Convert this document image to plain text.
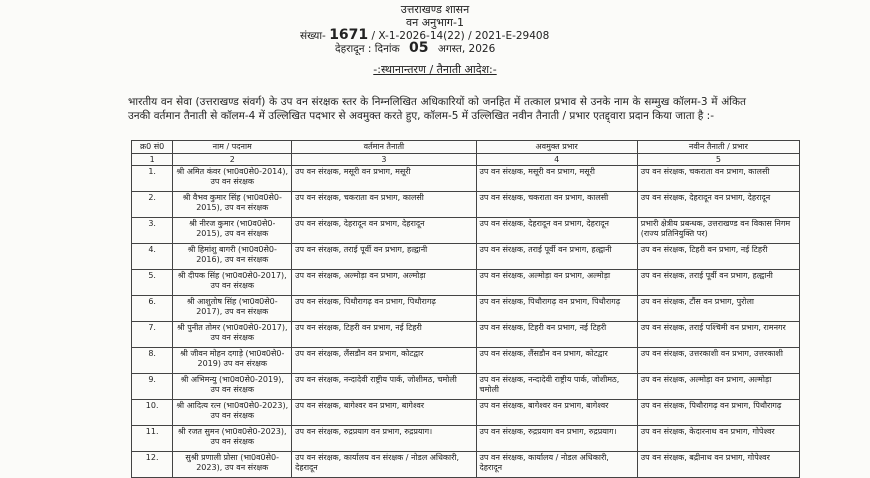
उत्तराखण्ड शासन
वन अनुभाग-1
संख्या- 1671 / X-1-2026-14(22) / 2021-E-29408
देहरादून : दिनांक 05 अगस्त, 2026
-:स्थानान्तरण / तैनाती आदेश:-
भारतीय वन सेवा (उत्तराखण्ड संवर्ग) के उप वन संरक्षक स्तर के निम्नलिखित अधिकारियों को जनहित में तत्काल प्रभाव से उनके नाम के सम्मुख कॉलम-3 में अंकित उनकी वर्तमान तैनाती से कॉलम-4 में उल्लिखित पदभार से अवमुक्त करते हुए, कॉलम-5 में उल्लिखित नवीन तैनाती / प्रभार एतद्द्वारा प्रदान किया जाता है :-
क्र0 सं0	नाम / पदनाम	वर्तमान तैनाती	अवमुक्त प्रभार	नवीन तैनाती / प्रभार
1	2	3	4	5
1.	श्री अमित कंवर (भा0व0से0-2014), उप वन संरक्षक	उप वन संरक्षक, मसूरी वन प्रभाग, मसूरी	उप वन संरक्षक, मसूरी वन प्रभाग, मसूरी	उप वन संरक्षक, चकराता वन प्रभाग, कालसी
2.	श्री वैभव कुमार सिंह (भा0व0से0-2015), उप वन संरक्षक	उप वन संरक्षक, चकराता वन प्रभाग, कालसी	उप वन संरक्षक, चकराता वन प्रभाग, कालसी	उप वन संरक्षक, देहरादून वन प्रभाग, देहरादून
3.	श्री नीरज कुमार (भा0व0से0-2015), उप वन संरक्षक	उप वन संरक्षक, देहरादून वन प्रभाग, देहरादून	उप वन संरक्षक, देहरादून वन प्रभाग, देहरादून	प्रभारी क्षेत्रीय प्रबन्धक, उत्तराखण्ड वन विकास निगम (राज्य प्रतिनियुक्ति पर)
4.	श्री हिमांशु बागरी (भा0व0से0-2016), उप वन संरक्षक	उप वन संरक्षक, तराई पूर्वी वन प्रभाग, हल्द्वानी	उप वन संरक्षक, तराई पूर्वी वन प्रभाग, हल्द्वानी	उप वन संरक्षक, टिहरी वन प्रभाग, नई टिहरी
5.	श्री दीपक सिंह (भा0व0से0-2017), उप वन संरक्षक	उप वन संरक्षक, अल्मोड़ा वन प्रभाग, अल्मोड़ा	उप वन संरक्षक, अल्मोड़ा वन प्रभाग, अल्मोड़ा	उप वन संरक्षक, तराई पूर्वी वन प्रभाग, हल्द्वानी
6.	श्री आशुतोष सिंह (भा0व0से0-2017), उप वन संरक्षक	उप वन संरक्षक, पिथौरागढ़ वन प्रभाग, पिथौरागढ़	उप वन संरक्षक, पिथौरागढ़ वन प्रभाग, पिथौरागढ़	उप वन संरक्षक, टौंस वन प्रभाग, पुरोला
7.	श्री पुनीत तोमर (भा0व0से0-2017), उप वन संरक्षक	उप वन संरक्षक, टिहरी वन प्रभाग, नई टिहरी	उप वन संरक्षक, टिहरी वन प्रभाग, नई टिहरी	उप वन संरक्षक, तराई पश्चिमी वन प्रभाग, रामनगर
8.	श्री जीवन मोहन दगाड़े (भा0व0से0-2019) उप वन संरक्षक	उप वन संरक्षक, लैंसडौन वन प्रभाग, कोटद्वार	उप वन संरक्षक, लैंसडौन वन प्रभाग, कोटद्वार	उप वन संरक्षक, उत्तरकाशी वन प्रभाग, उत्तरकाशी
9.	श्री अभिमन्यु (भा0व0से0-2019), उप वन संरक्षक	उप वन संरक्षक, नन्दादेवी राष्ट्रीय पार्क, जोशीमठ, चमोली	उप वन संरक्षक, नन्दादेवी राष्ट्रीय पार्क, जोशीमठ, चमोली	उप वन संरक्षक, अल्मोड़ा वन प्रभाग, अल्मोड़ा
10.	श्री आदित्य रत्न (भा0व0से0-2023), उप वन संरक्षक	उप वन संरक्षक, बागेश्वर वन प्रभाग, बागेश्वर	उप वन संरक्षक, बागेश्वर वन प्रभाग, बागेश्वर	उप वन संरक्षक, पिथौरागढ़ वन प्रभाग, पिथौरागढ़
11.	श्री रजत सुमन (भा0व0से0-2023), उप वन संरक्षक	उप वन संरक्षक, रुद्रप्रयाग वन प्रभाग, रुद्रप्रयाग।	उप वन संरक्षक, रुद्रप्रयाग वन प्रभाग, रुद्रप्रयाग।	उप वन संरक्षक, केदारनाथ वन प्रभाग, गोपेश्वर
12.	सुश्री प्रणाली प्रोसा (भा0व0से0-2023), उप वन संरक्षक	उप वन संरक्षक, कार्यालय वन संरक्षक / नोडल अधिकारी, देहरादून	उप वन संरक्षक, कार्यालय / नोडल अधिकारी, देहरादून	उप वन संरक्षक, बद्रीनाथ वन प्रभाग, गोपेश्वर
